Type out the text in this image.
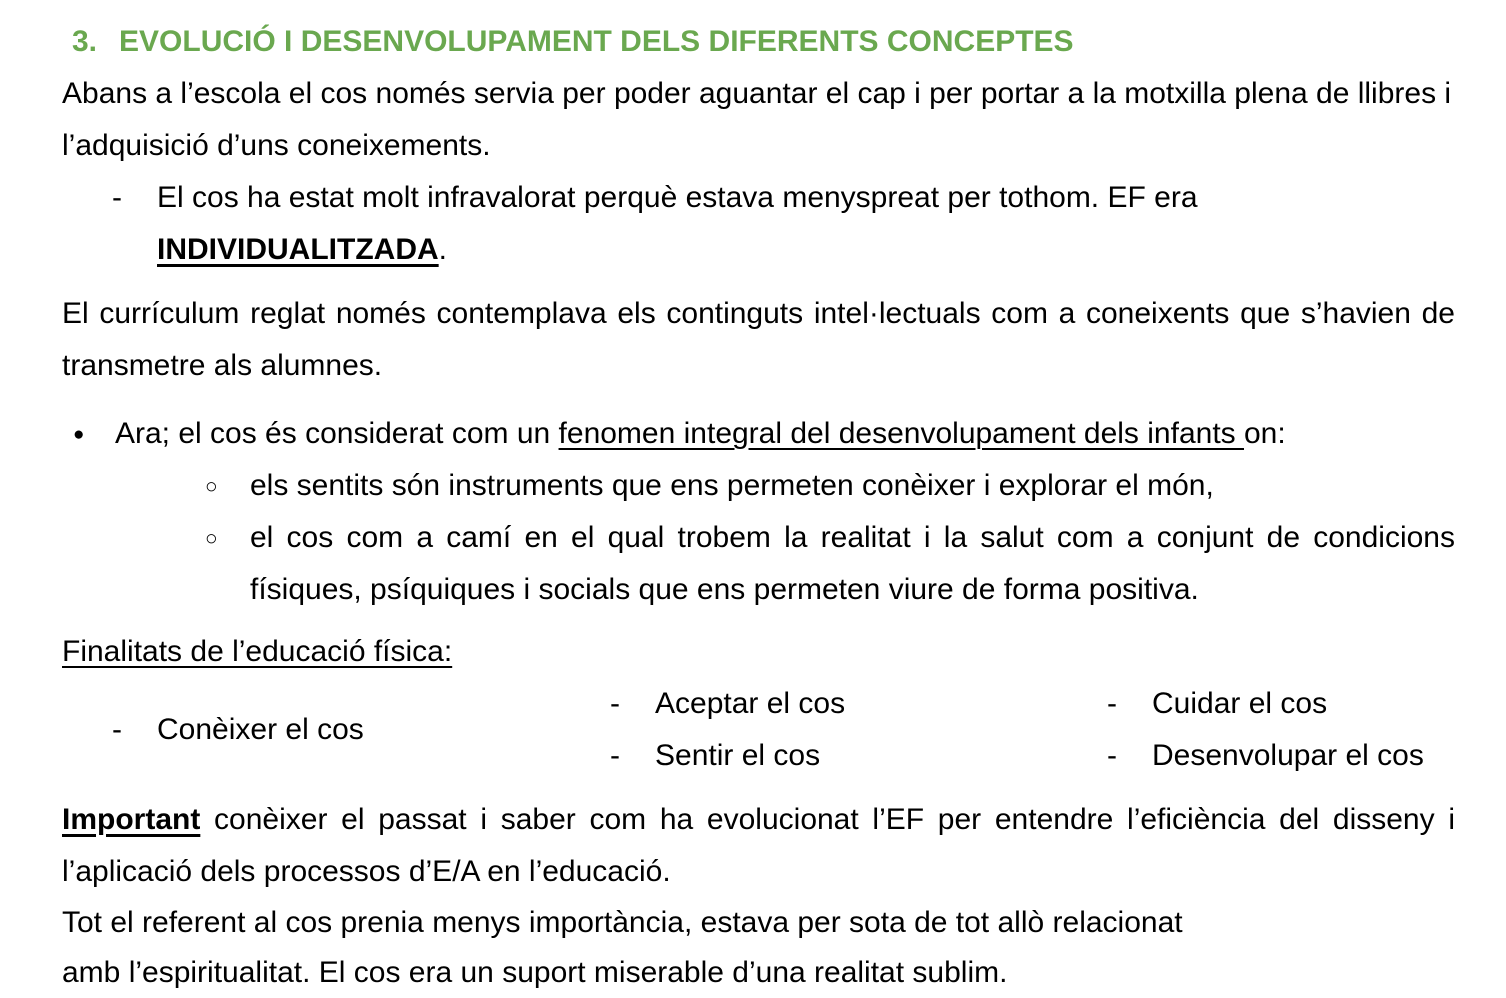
3. EVOLUCIÓ I DESENVOLUPAMENT DELS DIFERENTS CONCEPTES

Abans a l’escola el cos només servia per poder aguantar el cap i per portar a la motxilla plena de llibres i l’adquisició d’uns coneixements.

- El cos ha estat molt infravalorat perquè estava menyspreat per tothom. EF era
INDIVIDUALITZADA.

El currículum reglat només contemplava els continguts intel·lectuals com a coneixents que s’havien de transmetre als alumnes.

● Ara; el cos és considerat com un fenomen integral del desenvolupament dels infants on:
○ els sentits són instruments que ens permeten conèixer i explorar el món,
○ el cos com a camí en el qual trobem la realitat i la salut com a conjunt de condicions físiques, psíquiques i socials que ens permeten viure de forma positiva.

Finalitats de l’educació física:

- Conèixer el cos
- Aceptar el cos
- Sentir el cos
- Cuidar el cos
- Desenvolupar el cos

Important conèixer el passat i saber com ha evolucionat l’EF per entendre l’eficiència del disseny i l’aplicació dels processos d’E/A en l’educació.

Tot el referent al cos prenia menys importància, estava per sota de tot allò relacionat
amb l’espiritualitat. El cos era un suport miserable d’una realitat sublim.
